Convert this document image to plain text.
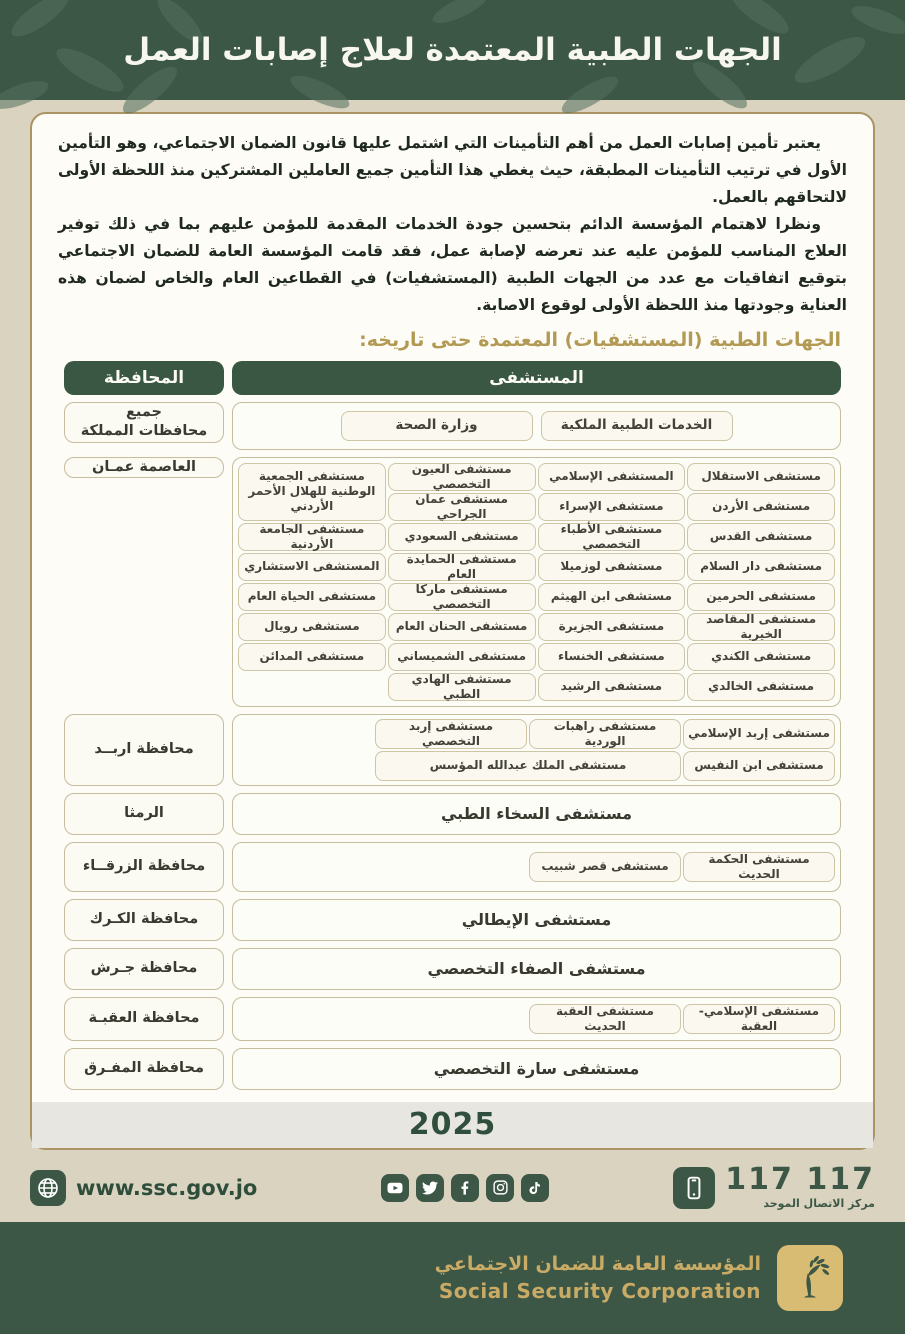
الجهات الطبية المعتمدة لعلاج إصابات العمل

يعتبر تأمين إصابات العمل من أهم التأمينات التي اشتمل عليها قانون الضمان الاجتماعي، وهو التأمين الأول في ترتيب التأمينات المطبقة، حيث يغطي هذا التأمين جميع العاملين المشتركين منذ اللحظة الأولى لالتحاقهم بالعمل.

ونظرا لاهتمام المؤسسة الدائم بتحسين جودة الخدمات المقدمة للمؤمن عليهم بما في ذلك توفير العلاج المناسب للمؤمن عليه عند تعرضه لإصابة عمل، فقد قامت المؤسسة العامة للضمان الاجتماعي بتوقيع اتفاقيات مع عدد من الجهات الطبية (المستشفيات) في القطاعين العام والخاص لضمان هذه العناية وجودتها منذ اللحظة الأولى لوقوع الاصابة.

الجهات الطبية (المستشفيات) المعتمدة حتى تاريخه:
المستشفى
المحافظة
الخدمات الطبية الملكية
وزارة الصحة
جميع
محافظات المملكة
مستشفى الاستقلال
مستشفى الأردن
مستشفى القدس
مستشفى دار السلام
مستشفى الحرمين
مستشفى المقاصد الخيرية
مستشفى الكندي
مستشفى الخالدي
المستشفى الإسلامي
مستشفى الإسراء
مستشفى الأطباء التخصصي
مستشفى لوزميلا
مستشفى ابن الهيثم
مستشفى الجزيرة
مستشفى الخنساء
مستشفى الرشيد
مستشفى العيون التخصصي
مستشفى عمان الجراحي
مستشفى السعودي
مستشفى الحمايدة العام
مستشفى ماركا التخصصي
مستشفى الحنان العام
مستشفى الشميساني
مستشفى الهادي الطبي
مستشفى الجمعية الوطنية للهلال الأحمر الأردني
مستشفى الجامعة الأردنية
المستشفى الاستشاري
مستشفى الحياة العام
مستشفى رويال
مستشفى المدائن
العاصمة عمـان
مستشفى إربد الإسلامي
مستشفى راهبات الوردية
مستشفى إربد التخصصي
مستشفى ابن النفيس
مستشفى الملك عبدالله المؤسس
محافظة اربــد
مستشفى السخاء الطبي
الرمثا
مستشفى الحكمة الحديث
مستشفى قصر شبيب
محافظة الزرقــاء
مستشفى الإيطالي
محافظة الكـرك
مستشفى الصفاء التخصصي
محافظة جـرش
مستشفى الإسلامي-العقبة
مستشفى العقبة الحديث
محافظة العقبـة
مستشفى سارة التخصصي
محافظة المفـرق
2025
117 117
مركز الاتصال الموحد
www.ssc.gov.jo
المؤسسة العامة للضمان الاجتماعي
Social Security Corporation
